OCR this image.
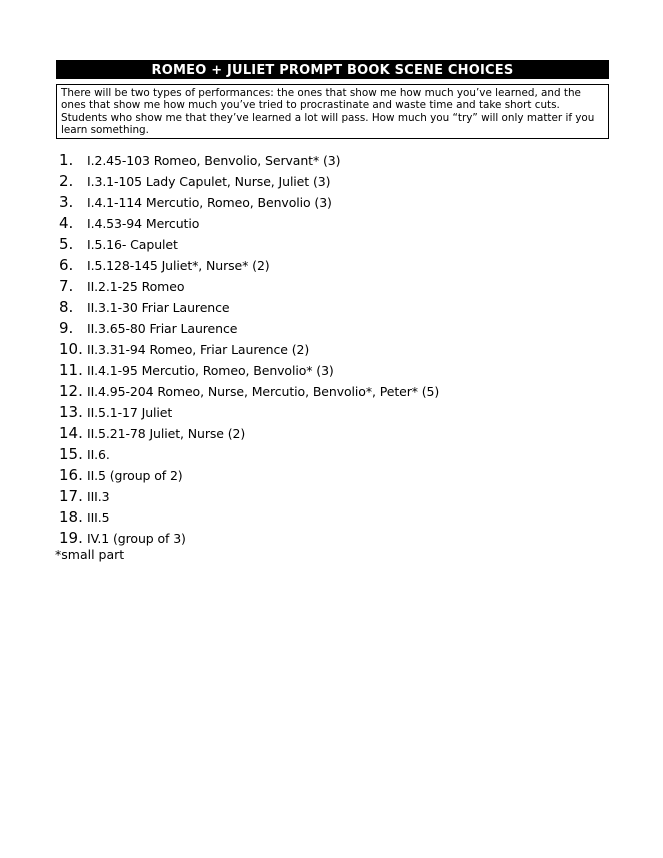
ROMEO + JULIET PROMPT BOOK SCENE CHOICES
There will be two types of performances: the ones that show me how much you’ve learned, and the ones that show me how much you’ve tried to procrastinate and waste time and take short cuts. Students who show me that they’ve learned a lot will pass. How much you “try” will only matter if you learn something.
1.	I.2.45-103 Romeo, Benvolio, Servant* (3)
2.	I.3.1-105 Lady Capulet, Nurse, Juliet (3)
3.	I.4.1-114 Mercutio, Romeo, Benvolio (3)
4.	I.4.53-94 Mercutio
5.	I.5.16- Capulet
6.	I.5.128-145 Juliet*, Nurse* (2)
7.	II.2.1-25 Romeo
8.	II.3.1-30 Friar Laurence
9.	II.3.65-80 Friar Laurence
10. II.3.31-94 Romeo, Friar Laurence (2)
11. II.4.1-95 Mercutio, Romeo, Benvolio* (3)
12. II.4.95-204 Romeo, Nurse, Mercutio, Benvolio*, Peter* (5)
13. II.5.1-17 Juliet
14. II.5.21-78 Juliet, Nurse (2)
15. II.6.
16. II.5 (group of 2)
17. III.3
18. III.5
19. IV.1 (group of 3)
*small part
